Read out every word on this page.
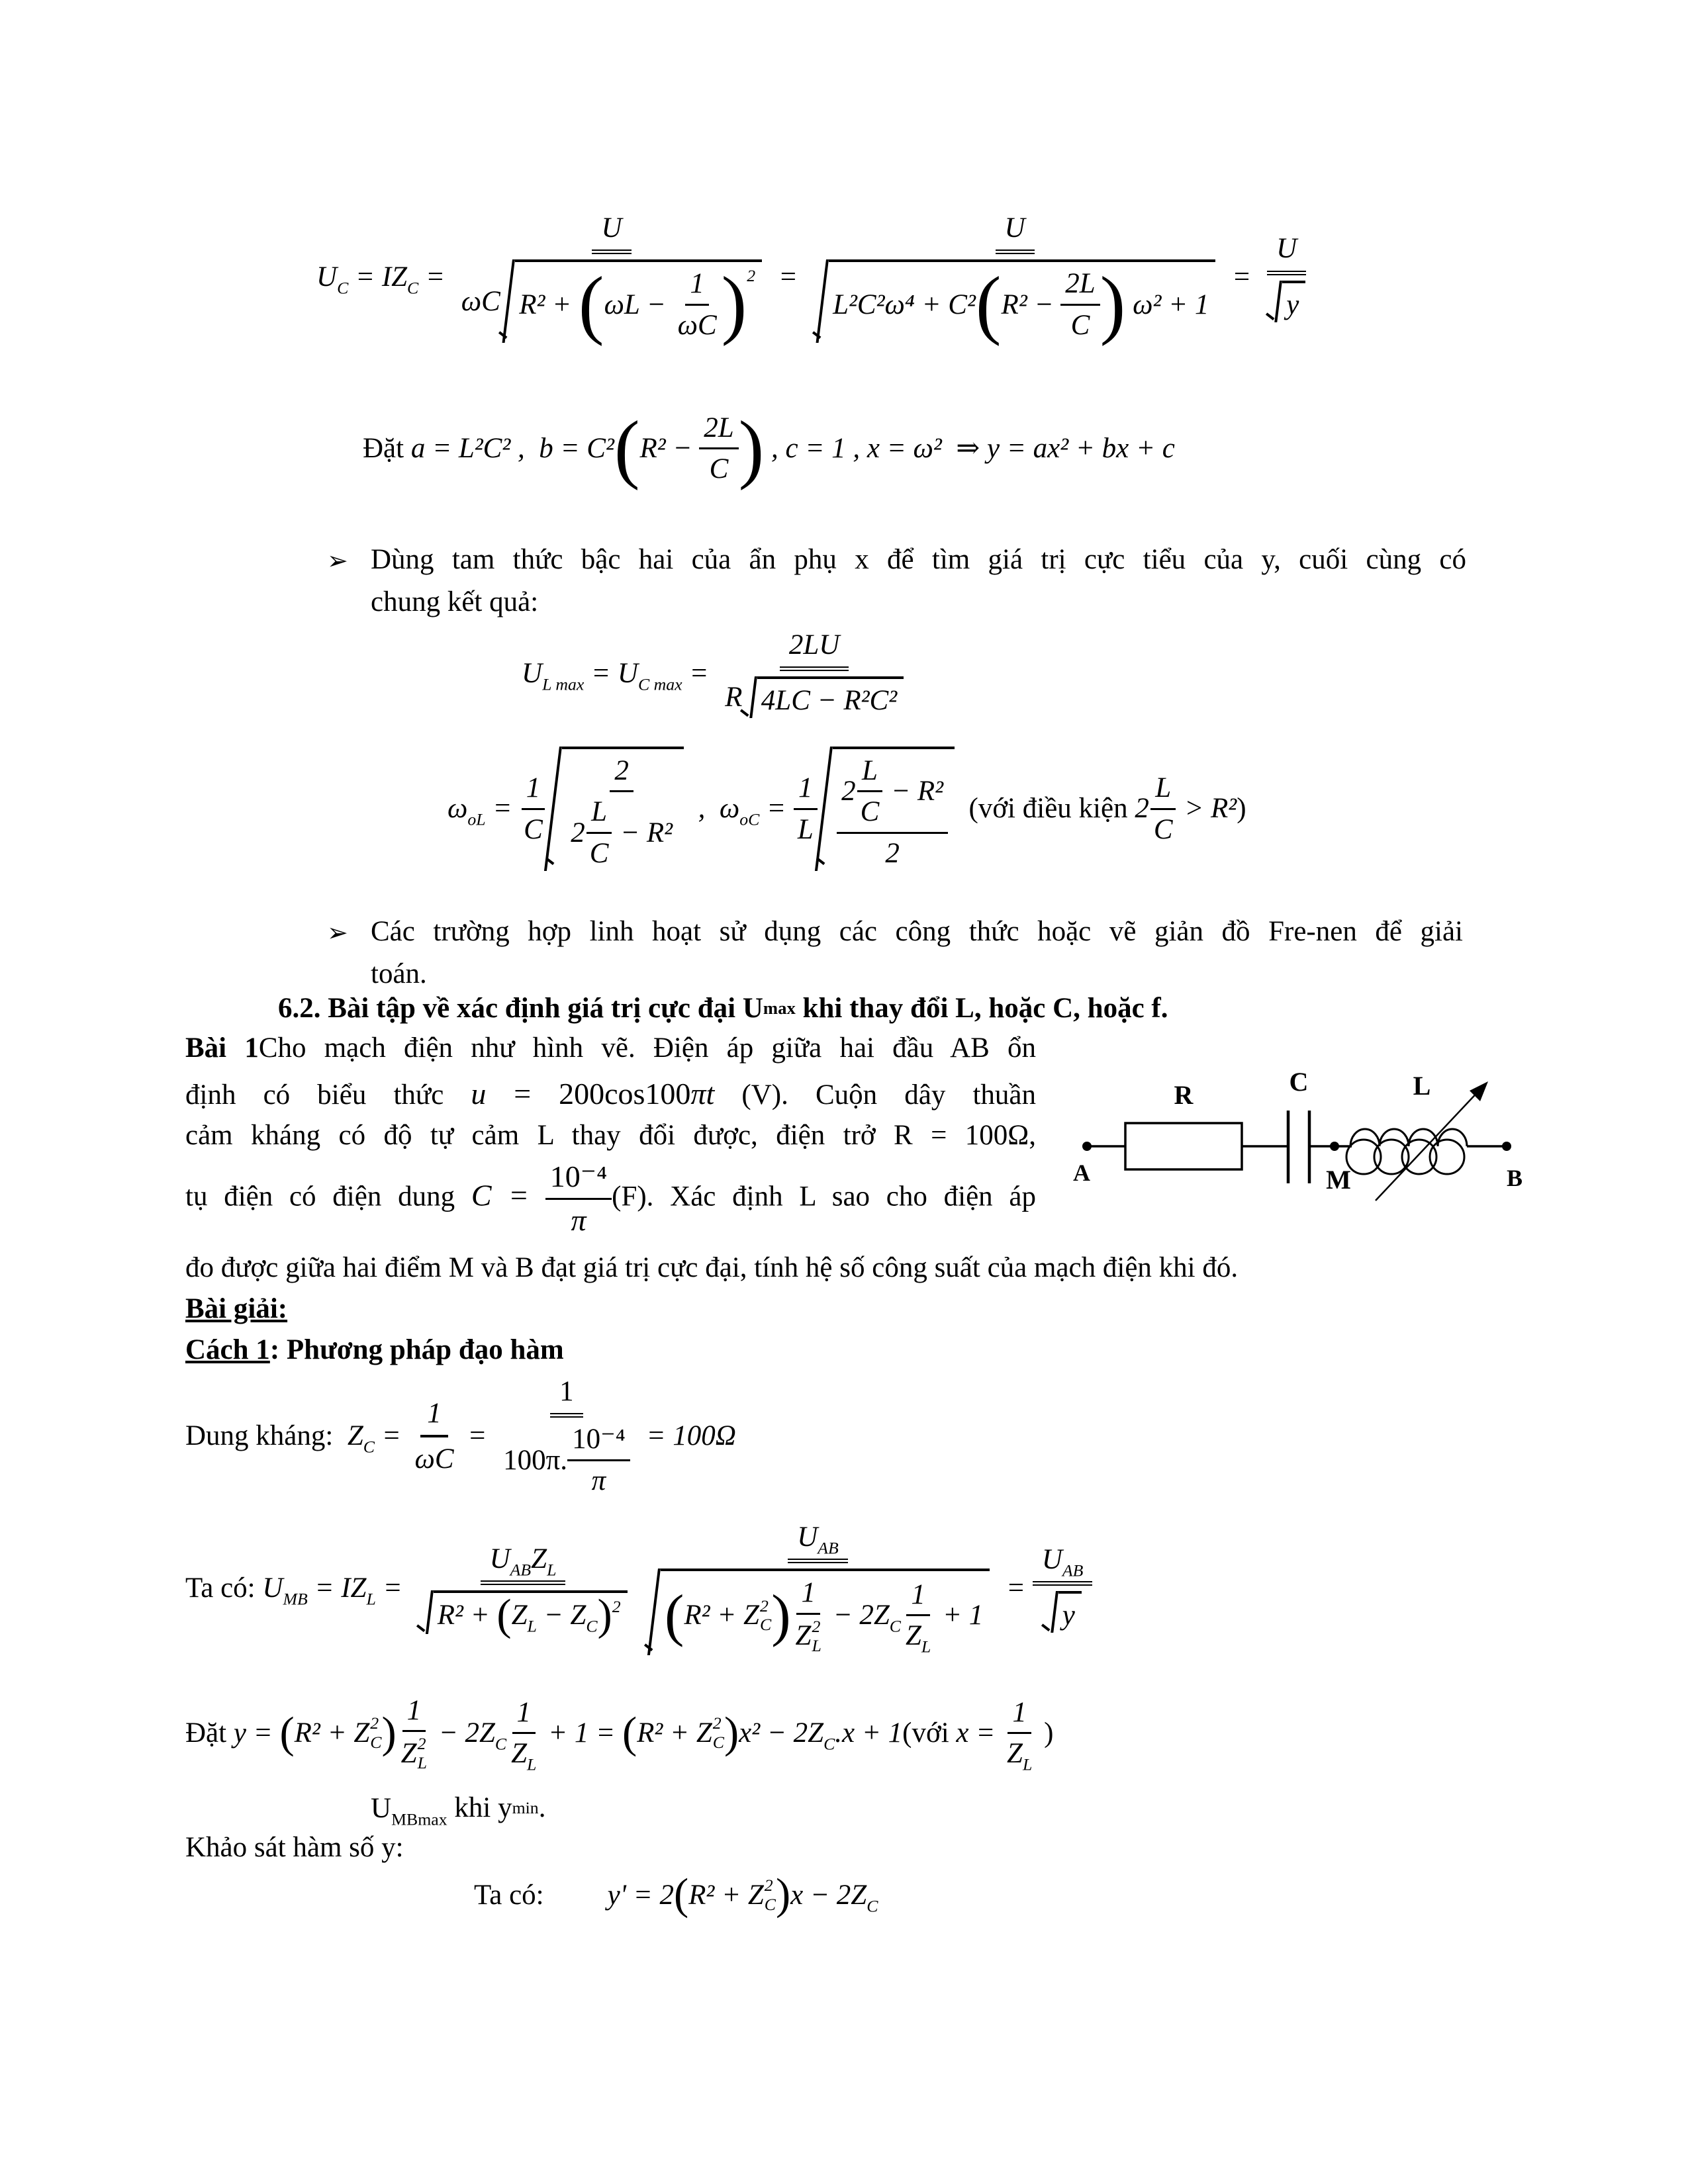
$U_C = IZ_C$ =
U
ωC R² + ( $\omega L - \frac{1}{\omega C}$ ) 2 =
U
L²C²ω⁴ + C² ( $R^2 - \frac{2L}{C}$ ) ω² + 1
= $\frac{U}{y}$
Đặt a = L²C² , b = C² ( $R^2 - \frac{2L}{C}$ ) , c = 1 , x = ω² ⇒ y = ax² + bx + c
➢ Dùng tam thức bậc hai của ẩn phụ x để tìm giá trị cực tiểu của y, cuối cùng có
chung kết quả:
$U_{L max} = U_{C max} = \frac{2LU}{\text{R 4LC − R²C²}}$
$\omega_{oL} = \frac{1}{C}$
2
2
L
C
− R²
, $\omega_{oC} = \frac{1}{L} 2$
L
C
− R²
2
(với điều kiện 2
L
C
> R² )
➢ Các trường hợp linh hoạt sử dụng các công thức hoặc vẽ giản đồ Fre-nen để giải
toán.
6.2. Bài tập về xác định giá trị cực đại U max khi thay đổi L, hoặc C, hoặc f.
Bài 1Cho mạch điện như hình vẽ. Điện áp giữa hai đầu AB ổn
định có biểu thức u = 200cos100πt (V). Cuộn dây thuần
cảm kháng có độ tự cảm L thay đổi được, điện trở R = 100Ω,
tụ điện có điện dung $C = \frac{\text{10⁻⁴}}{\pi} (F)$. Xác định L sao cho điện áp
A
R	C
M
L
B
đo được giữa hai điểm M và B đạt giá trị cực đại, tính hệ số công suất của mạch điện khi đó.
Bài giải:
Cách 1 : Phương pháp đạo hàm
Dung kháng: $Z_C = \frac{1}{\omega C} = 1$
100π.
10⁻⁴
π = 100Ω
Ta có: $U_{MB} = IZ_L$ =
$U_{AB}$ $Z_L$
R² + ( $Z_L - Z_C$ ) 2
$U_{AB}$
( R² + Z 2
C ) 1
Z 2
L
− $2Z_C$
1
$Z_L$
+ 1
=
$U_{AB}$
y
Đặt y = ( R² + Z 2
C ) 1
Z 2
L
− $2Z_C$
1
$Z_L$
+ 1 = ( R² + Z 2
C ) $x^2 - 2Z_C$ .x + 1 (với $x = \frac{1}{Z_L}$ )
$U_{MBmax}$ khi y min .
Khảo sát hàm số y:
Ta có: y' = 2 ( R² + Z 2
C ) $x - 2Z_C$
